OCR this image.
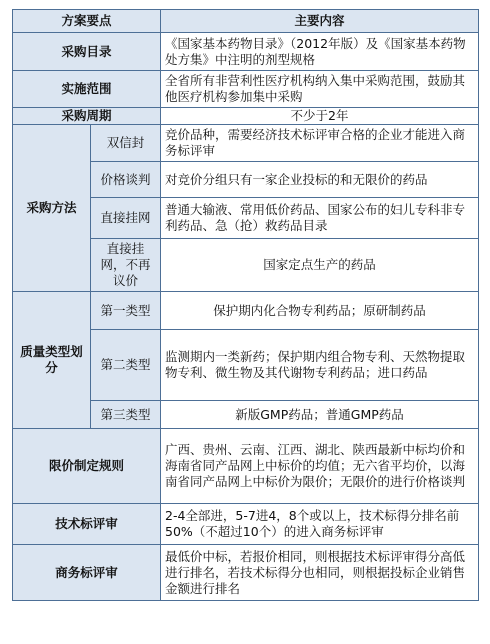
方案要点		主要内容
采购目录		《国家基本药物目录》（2012年版）及《国家基本药物处方集》中注明的剂型规格
实施范围		全省所有非营利性医疗机构纳入集中采购范围，鼓励其他医疗机构参加集中采购
采购周期		不少于2年
采购方法	双信封	竞价品种，需要经济技术标评审合格的企业才能进入商务标评审
	价格谈判	对竞价分组只有一家企业投标的和无限价的药品
	直接挂网	普通大输液、常用低价药品、国家公布的妇儿专科非专利药品、急（抢）救药品目录
	直接挂网，不再议价	国家定点生产的药品
质量类型划分	第一类型	保护期内化合物专利药品；原研制药品
	第二类型	监测期内一类新药；保护期内组合物专利、天然物提取物专利、微生物及其代谢物专利药品；进口药品
	第三类型	新版GMP药品；普通GMP药品
限价制定规则		广西、贵州、云南、江西、湖北、陕西最新中标均价和海南省同产品网上中标价的均值；无六省平均价，以海南省同产品网上中标价为限价；无限价的进行价格谈判
技术标评审		2-4全部进，5-7进4，8个或以上，技术标得分排名前50%（不超过10个）的进入商务标评审
商务标评审		最低价中标，若报价相同，则根据技术标评审得分高低进行排名，若技术标得分也相同，则根据投标企业销售金额进行排名
